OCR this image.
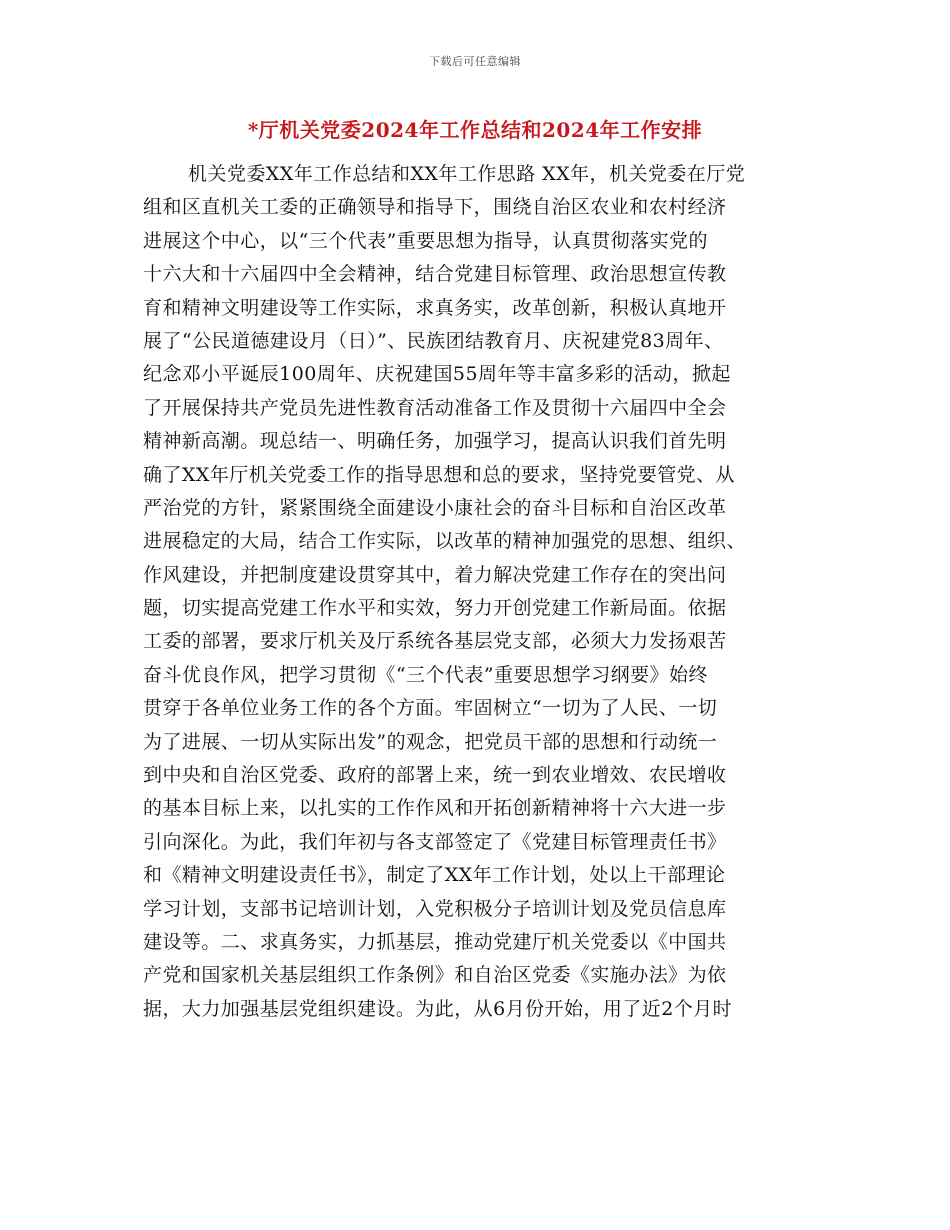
下载后可任意编辑
*厅机关党委2024年工作总结和2024年工作安排
机关党委XX年工作总结和XX年工作思路 XX年，机关党委在厅党
组和区直机关工委的正确领导和指导下，围绕自治区农业和农村经济
进展这个中心，以“三个代表”重要思想为指导，认真贯彻落实党的
十六大和十六届四中全会精神，结合党建目标管理、政治思想宣传教
育和精神文明建设等工作实际，求真务实，改革创新，积极认真地开
展了“公民道德建设月（日）”、民族团结教育月、庆祝建党83周年、
纪念邓小平诞辰100周年、庆祝建国55周年等丰富多彩的活动，掀起
了开展保持共产党员先进性教育活动准备工作及贯彻十六届四中全会
精神新高潮。现总结一、明确任务，加强学习，提高认识我们首先明
确了XX年厅机关党委工作的指导思想和总的要求，坚持党要管党、从
严治党的方针，紧紧围绕全面建设小康社会的奋斗目标和自治区改革
进展稳定的大局，结合工作实际，以改革的精神加强党的思想、组织、
作风建设，并把制度建设贯穿其中，着力解决党建工作存在的突出问
题，切实提高党建工作水平和实效，努力开创党建工作新局面。依据
工委的部署，要求厅机关及厅系统各基层党支部，必须大力发扬艰苦
奋斗优良作风，把学习贯彻《“三个代表”重要思想学习纲要》始终
贯穿于各单位业务工作的各个方面。牢固树立“一切为了人民、一切
为了进展、一切从实际出发”的观念，把党员干部的思想和行动统一
到中央和自治区党委、政府的部署上来，统一到农业增效、农民增收
的基本目标上来，以扎实的工作作风和开拓创新精神将十六大进一步
引向深化。为此，我们年初与各支部签定了《党建目标管理责任书》
和《精神文明建设责任书》，制定了XX年工作计划，处以上干部理论
学习计划，支部书记培训计划，入党积极分子培训计划及党员信息库
建设等。二、求真务实，力抓基层，推动党建厅机关党委以《中国共
产党和国家机关基层组织工作条例》和自治区党委《实施办法》为依
据，大力加强基层党组织建设。为此，从6月份开始，用了近2个月时
